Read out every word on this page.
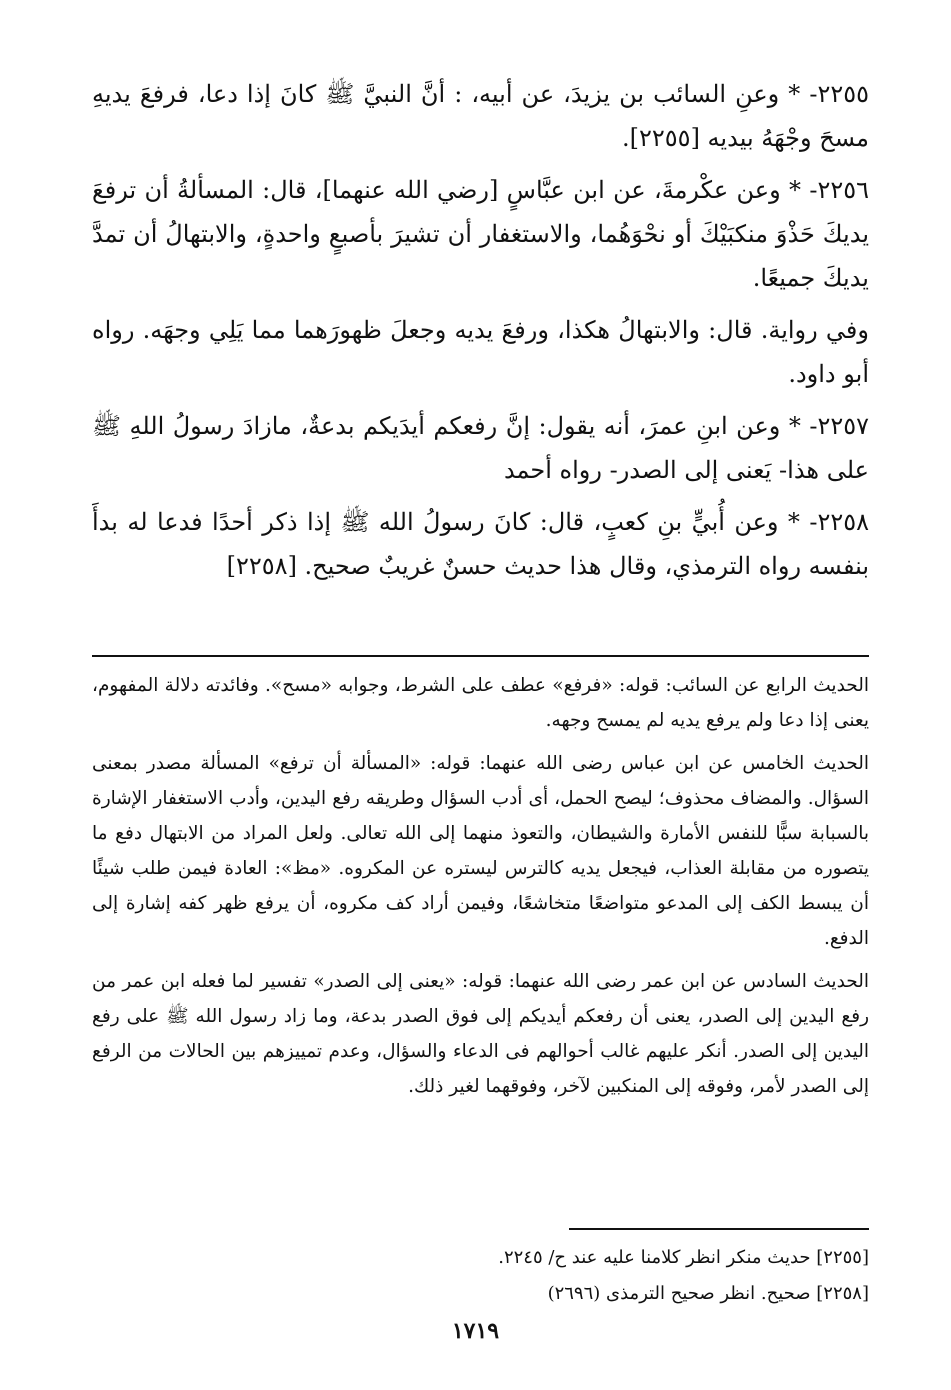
٢٢٥٥- * وعنِ السائب بن يزيدَ، عن أبيه، : أنَّ النبيَّ ﷺ كانَ إذا دعا، فرفعَ يديهِ مسحَ وجْهَهُ بيديه [٢٢٥٥].

٢٢٥٦- * وعن عكْرمةَ، عن ابن عبَّاسٍ [رضي الله عنهما]، قال: المسألةُ أن ترفعَ يديكَ حَذْوَ منكبَيْكَ أو نحْوَهُما، والاستغفار أن تشيرَ بأصبعٍ واحدةٍ، والابتهالُ أن تمدَّ يديكَ جميعًا.

وفي رواية. قال: والابتهالُ هكذا، ورفعَ يديه وجعلَ ظهورَهما مما يَلِي وجهَه. رواه أبو داود.

٢٢٥٧- * وعن ابنِ عمرَ، أنه يقول: إنَّ رفعكم أيدَيكم بدعةٌ، مازادَ رسولُ اللهِ ﷺ على هذا- يَعنى إلى الصدر- رواه أحمد

٢٢٥٨- * وعن أُبيٍّ بنِ كعبٍ، قال: كانَ رسولُ الله ﷺ إذا ذكر أحدًا فدعا له بدأَ بنفسه رواه الترمذي، وقال هذا حديث حسنٌ غريبٌ صحيح. [٢٢٥٨]

الحديث الرابع عن السائب: قوله: «فرفع» عطف على الشرط، وجوابه «مسح». وفائدته دلالة المفهوم، يعنى إذا دعا ولم يرفع يديه لم يمسح وجهه.

الحديث الخامس عن ابن عباس رضى الله عنهما: قوله: «المسألة أن ترفع» المسألة مصدر بمعنى السؤال. والمضاف محذوف؛ ليصح الحمل، أى أدب السؤال وطريقه رفع اليدين، وأدب الاستغفار الإشارة بالسبابة سبًّا للنفس الأمارة والشيطان، والتعوذ منهما إلى الله تعالى. ولعل المراد من الابتهال دفع ما يتصوره من مقابلة العذاب، فيجعل يديه كالترس ليستره عن المكروه. «مظ»: العادة فيمن طلب شيئًا أن يبسط الكف إلى المدعو متواضعًا متخاشعًا، وفيمن أراد كف مكروه، أن يرفع ظهر كفه إشارة إلى الدفع.

الحديث السادس عن ابن عمر رضى الله عنهما: قوله: «يعنى إلى الصدر» تفسير لما فعله ابن عمر من رفع اليدين إلى الصدر، يعنى أن رفعكم أيديكم إلى فوق الصدر بدعة، وما زاد رسول الله ﷺ على رفع اليدين إلى الصدر. أنكر عليهم غالب أحوالهم فى الدعاء والسؤال، وعدم تمييزهم بين الحالات من الرفع إلى الصدر لأمر، وفوقه إلى المنكبين لآخر، وفوقهما لغير ذلك.

[٢٢٥٥] حديث منكر انظر كلامنا عليه عند ح/ ٢٢٤٥.

[٢٢٥٨] صحيح. انظر صحيح الترمذى (٢٦٩٦)

١٧١٩
